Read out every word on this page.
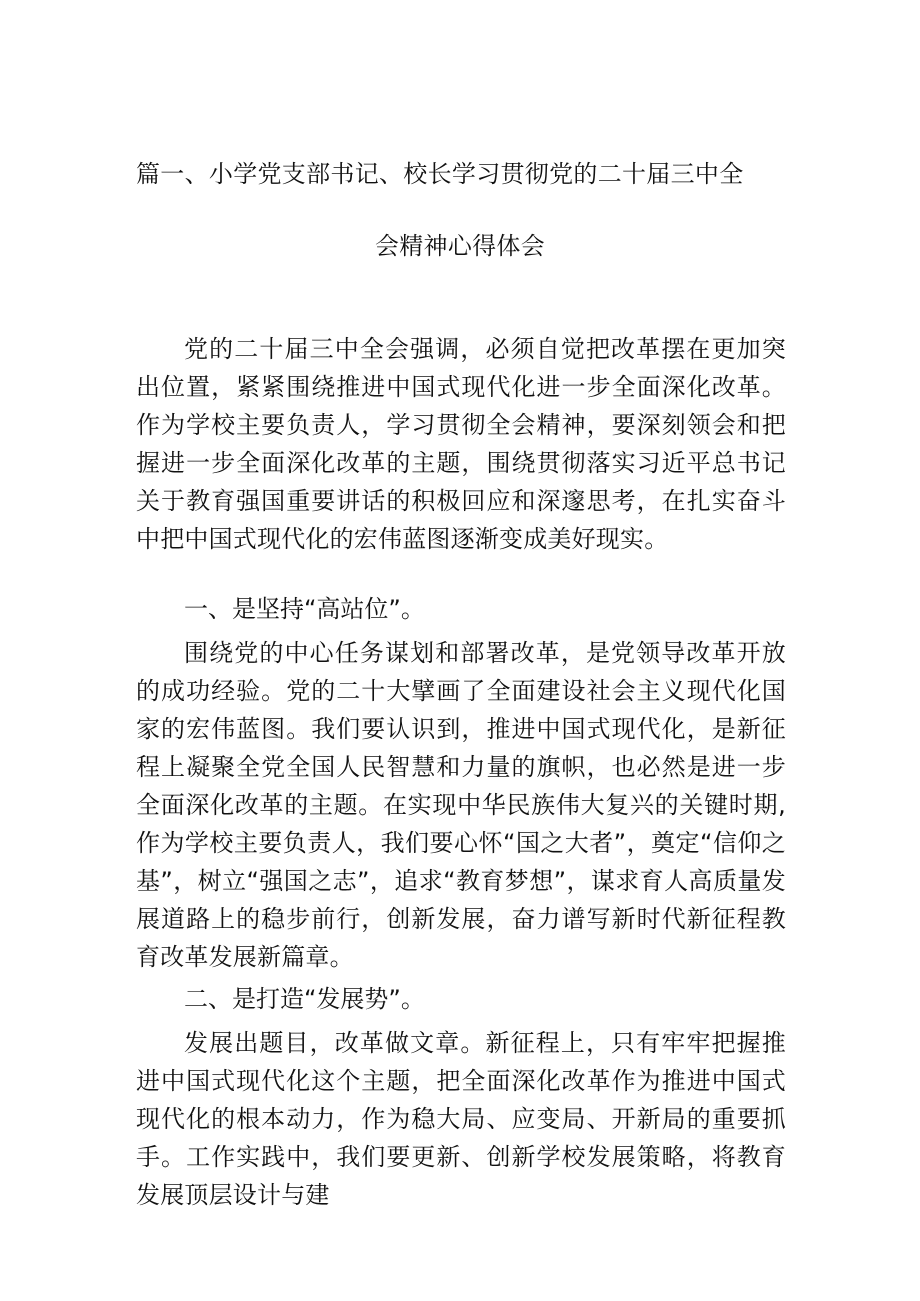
篇一、小学党支部书记、校长学习贯彻党的二十届三中全
会精神心得体会

党的二十届三中全会强调，必须自觉把改革摆在更加突出位置，紧紧围绕推进中国式现代化进一步全面深化改革。作为学校主要负责人，学习贯彻全会精神，要深刻领会和把握进一步全面深化改革的主题，围绕贯彻落实习近平总书记关于教育强国重要讲话的积极回应和深邃思考，在扎实奋斗中把中国式现代化的宏伟蓝图逐渐变成美好现实。

一、是坚持“高站位”。

围绕党的中心任务谋划和部署改革，是党领导改革开放的成功经验。党的二十大擘画了全面建设社会主义现代化国家的宏伟蓝图。我们要认识到，推进中国式现代化，是新征程上凝聚全党全国人民智慧和力量的旗帜，也必然是进一步全面深化改革的主题。在实现中华民族伟大复兴的关键时期,作为学校主要负责人，我们要心怀“国之大者”，奠定“信仰之基”，树立“强国之志”，追求“教育梦想”，谋求育人高质量发展道路上的稳步前行，创新发展，奋力谱写新时代新征程教育改革发展新篇章。

二、是打造“发展势”。

发展出题目，改革做文章。新征程上，只有牢牢把握推进中国式现代化这个主题，把全面深化改革作为推进中国式现代化的根本动力，作为稳大局、应变局、开新局的重要抓手。工作实践中，我们要更新、创新学校发展策略，将教育发展顶层设计与建
